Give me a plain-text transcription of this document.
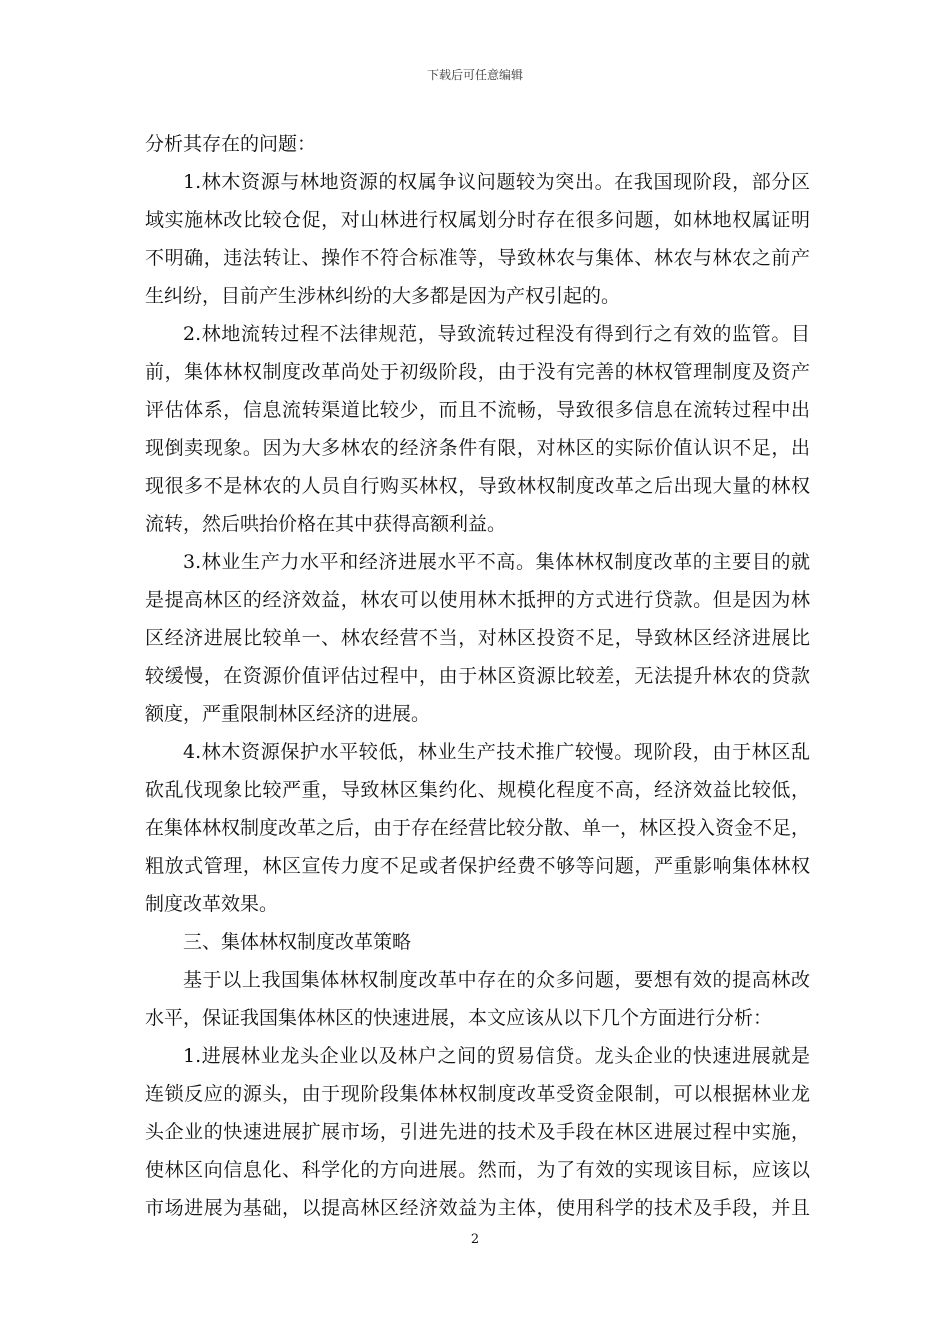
下载后可任意编辑
分析其存在的问题：
1.林木资源与林地资源的权属争议问题较为突出。在我国现阶段，部分区
域实施林改比较仓促，对山林进行权属划分时存在很多问题，如林地权属证明
不明确，违法转让、操作不符合标准等，导致林农与集体、林农与林农之前产
生纠纷，目前产生涉林纠纷的大多都是因为产权引起的。
2.林地流转过程不法律规范，导致流转过程没有得到行之有效的监管。目
前，集体林权制度改革尚处于初级阶段，由于没有完善的林权管理制度及资产
评估体系，信息流转渠道比较少，而且不流畅，导致很多信息在流转过程中出
现倒卖现象。因为大多林农的经济条件有限，对林区的实际价值认识不足，出
现很多不是林农的人员自行购买林权，导致林权制度改革之后出现大量的林权
流转，然后哄抬价格在其中获得高额利益。
3.林业生产力水平和经济进展水平不高。集体林权制度改革的主要目的就
是提高林区的经济效益，林农可以使用林木抵押的方式进行贷款。但是因为林
区经济进展比较单一、林农经营不当，对林区投资不足，导致林区经济进展比
较缓慢，在资源价值评估过程中，由于林区资源比较差，无法提升林农的贷款
额度，严重限制林区经济的进展。
4.林木资源保护水平较低，林业生产技术推广较慢。现阶段，由于林区乱
砍乱伐现象比较严重，导致林区集约化、规模化程度不高，经济效益比较低，
在集体林权制度改革之后，由于存在经营比较分散、单一，林区投入资金不足，
粗放式管理，林区宣传力度不足或者保护经费不够等问题，严重影响集体林权
制度改革效果。
三、集体林权制度改革策略
基于以上我国集体林权制度改革中存在的众多问题，要想有效的提高林改
水平，保证我国集体林区的快速进展，本文应该从以下几个方面进行分析：
1.进展林业龙头企业以及林户之间的贸易信贷。龙头企业的快速进展就是
连锁反应的源头，由于现阶段集体林权制度改革受资金限制，可以根据林业龙
头企业的快速进展扩展市场，引进先进的技术及手段在林区进展过程中实施，
使林区向信息化、科学化的方向进展。然而，为了有效的实现该目标，应该以
市场进展为基础，以提高林区经济效益为主体，使用科学的技术及手段，并且
2
